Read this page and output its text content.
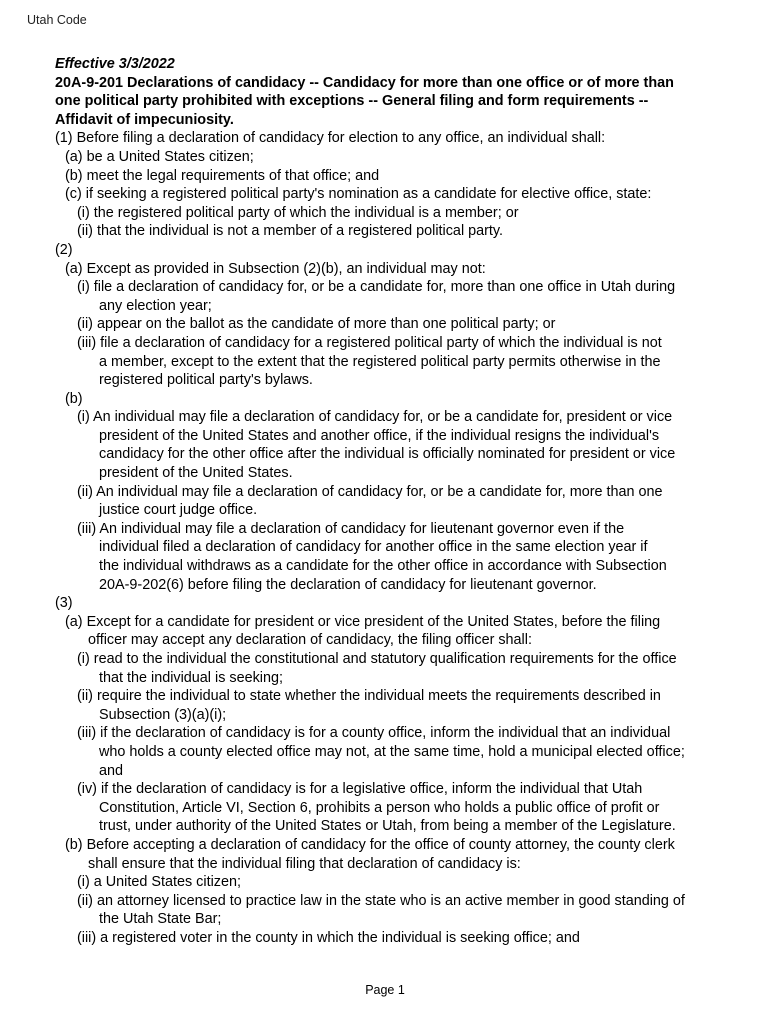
Utah Code
Effective 3/3/2022
20A-9-201 Declarations of candidacy -- Candidacy for more than one office or of more than
one political party prohibited with exceptions -- General filing and form requirements --
Affidavit of impecuniosity.
(1) Before filing a declaration of candidacy for election to any office, an individual shall:
(a) be a United States citizen;
(b) meet the legal requirements of that office; and
(c) if seeking a registered political party's nomination as a candidate for elective office, state:
(i) the registered political party of which the individual is a member; or
(ii) that the individual is not a member of a registered political party.
(2)
(a) Except as provided in Subsection (2)(b), an individual may not:
(i) file a declaration of candidacy for, or be a candidate for, more than one office in Utah during
any election year;
(ii) appear on the ballot as the candidate of more than one political party; or
(iii) file a declaration of candidacy for a registered political party of which the individual is not
a member, except to the extent that the registered political party permits otherwise in the
registered political party's bylaws.
(b)
(i) An individual may file a declaration of candidacy for, or be a candidate for, president or vice
president of the United States and another office, if the individual resigns the individual's
candidacy for the other office after the individual is officially nominated for president or vice
president of the United States.
(ii) An individual may file a declaration of candidacy for, or be a candidate for, more than one
justice court judge office.
(iii) An individual may file a declaration of candidacy for lieutenant governor even if the
individual filed a declaration of candidacy for another office in the same election year if
the individual withdraws as a candidate for the other office in accordance with Subsection
20A-9-202(6) before filing the declaration of candidacy for lieutenant governor.
(3)
(a) Except for a candidate for president or vice president of the United States, before the filing
officer may accept any declaration of candidacy, the filing officer shall:
(i) read to the individual the constitutional and statutory qualification requirements for the office
that the individual is seeking;
(ii) require the individual to state whether the individual meets the requirements described in
Subsection (3)(a)(i);
(iii) if the declaration of candidacy is for a county office, inform the individual that an individual
who holds a county elected office may not, at the same time, hold a municipal elected office;
and
(iv) if the declaration of candidacy is for a legislative office, inform the individual that Utah
Constitution, Article VI, Section 6, prohibits a person who holds a public office of profit or
trust, under authority of the United States or Utah, from being a member of the Legislature.
(b) Before accepting a declaration of candidacy for the office of county attorney, the county clerk
shall ensure that the individual filing that declaration of candidacy is:
(i) a United States citizen;
(ii) an attorney licensed to practice law in the state who is an active member in good standing of
the Utah State Bar;
(iii) a registered voter in the county in which the individual is seeking office; and
Page 1
